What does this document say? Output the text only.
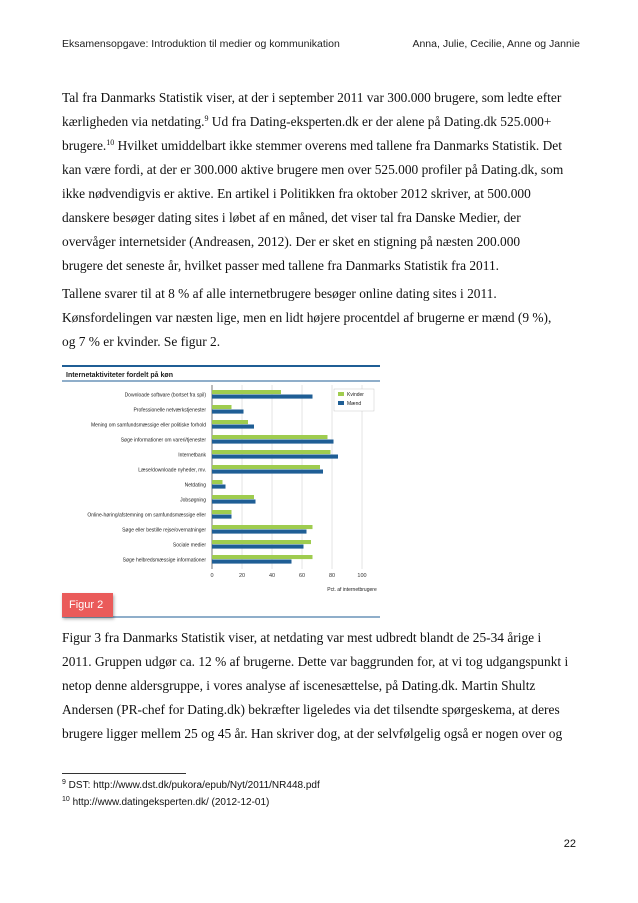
Eksamensopgave: Introduktion til medier og kommunikation	Anna, Julie, Cecilie, Anne og Jannie
Tal fra Danmarks Statistik viser, at der i september 2011 var 300.000 brugere, som ledte efter
kærligheden via netdating.$^9$ Ud fra Dating-eksperten.dk er der alene på Dating.dk 525.000+
brugere.$^{10}$ Hvilket umiddelbart ikke stemmer overens med tallene fra Danmarks Statistik. Det
kan være fordi, at der er 300.000 aktive brugere men over 525.000 profiler på Dating.dk, som
ikke nødvendigvis er aktive. En artikel i Politikken fra oktober 2012 skriver, at 500.000
danskere besøger dating sites i løbet af en måned, det viser tal fra Danske Medier, der
overvåger internetsider (Andreasen, 2012). Der er sket en stigning på næsten 200.000
brugere det seneste år, hvilket passer med tallene fra Danmarks Statistik fra 2011.
Tallene svarer til at 8 % af alle internetbrugere besøger online dating sites i 2011.
Kønsfordelingen var næsten lige, men en lidt højere procentdel af brugerne er mænd (9 %),
og 7 % er kvinder. Se figur 2.
Internetaktiviteter fordelt på køn
Downloade software (bortset fra spil)
Professionelle netværkstjenester
Mening om samfundsmæssige eller politiske forhold
Søge informationer om vareri/tjenester
Internetbank
Læse/downloade nyheder, mv.
Netdating
Jobsøgning
Online-høring/afstemning om samfundsmæssige eller
Søge eller bestille rejse/overnatninger
Sociale medier
Søge helbredsmæssige informationer
0	20	40	60	80	100
Kvinder
Mænd
Pct. af internetbrugere
Figur 2
Figur 3 fra Danmarks Statistik viser, at netdating var mest udbredt blandt de 25-34 årige i
2011. Gruppen udgør ca. 12 % af brugerne. Dette var baggrunden for, at vi tog udgangspunkt i
netop denne aldersgruppe, i vores analyse af iscenesættelse, på Dating.dk. Martin Shultz
Andersen (PR-chef for Dating.dk) bekræfter ligeledes via det tilsendte spørgeskema, at deres
brugere ligger mellem 25 og 45 år. Han skriver dog, at der selvfølgelig også er nogen over og
$^9$ DST: http://www.dst.dk/pukora/epub/Nyt/2011/NR448.pdf
$^{10}$ http://www.datingeksperten.dk/ (2012-12-01)
22
